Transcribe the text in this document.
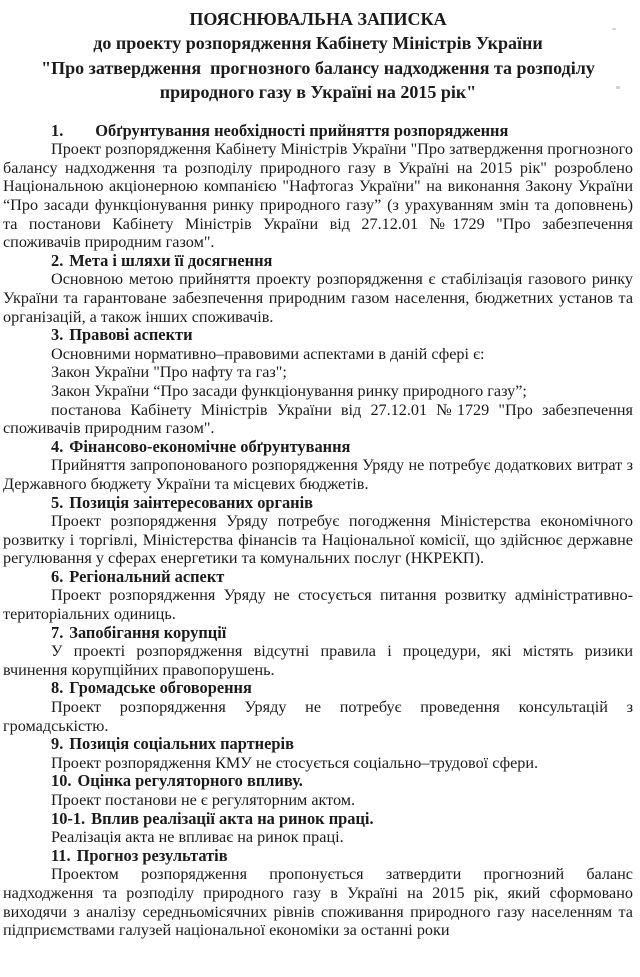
ПОЯСНЮВАЛЬНА ЗАПИСКА
до проекту розпорядження Кабінету Міністрів України
"Про затвердження  прогнозного балансу надходження та розподілу
природного газу в Україні на 2015 рік"
1. Обґрунтування необхідності прийняття розпорядження

Проект розпорядження Кабінету Міністрів України "Про затвердження прогнозного балансу надходження та розподілу природного газу в Україні на 2015 рік" розроблено Національною акціонерною компанією "Нафтогаз України" на виконання Закону України “Про засади функціонування ринку природного газу” (з урахуванням змін та доповнень) та постанови Кабінету Міністрів України від 27.12.01 №1729 "Про забезпечення споживачів природним газом".

2. Мета і шляхи її досягнення

Основною метою прийняття проекту розпорядження є стабілізація газового ринку України та гарантоване забезпечення природним газом населення, бюджетних установ та організацій, а також інших споживачів.

3. Правові аспекти

Основними нормативно–правовими аспектами в даній сфері є:

Закон України "Про нафту та газ";

Закон України “Про засади функціонування ринку природного газу”;

постанова Кабінету Міністрів України від 27.12.01 №1729 "Про забезпечення споживачів природним газом".

4. Фінансово-економічне обґрунтування

Прийняття запропонованого розпорядження Уряду не потребує додаткових витрат з Державного бюджету України та місцевих бюджетів.

5. Позиція заінтересованих органів

Проект розпорядження Уряду потребує погодження Міністерства економічного розвитку і торгівлі, Міністерства фінансів та Національної комісії, що здійснює державне регулювання у сферах енергетики та комунальних послуг (НКРЕКП).

6. Регіональний аспект

Проект розпорядження Уряду не стосується питання розвитку адміністративно-територіальних одиниць.

7. Запобігання корупції

У проекті розпорядження відсутні правила і процедури, які містять ризики вчинення корупційних правопорушень.

8. Громадське обговорення

Проект розпорядження Уряду не потребує проведення консультацій з громадськістю.

9. Позиція соціальних партнерів

Проект розпорядження КМУ не стосується соціально–трудової сфери.

10. Оцінка регуляторного впливу.

Проект постанови не є регуляторним актом.

10-1. Вплив реалізації акта на ринок праці.

Реалізація акта не впливає на ринок праці.

11. Прогноз результатів

Проектом розпорядження пропонується затвердити прогнозний баланс надходження та розподілу природного газу в Україні на 2015 рік, який сформовано виходячи з аналізу середньомісячних рівнів споживання природного газу населенням та підприємствами галузей національної економіки за останні роки
